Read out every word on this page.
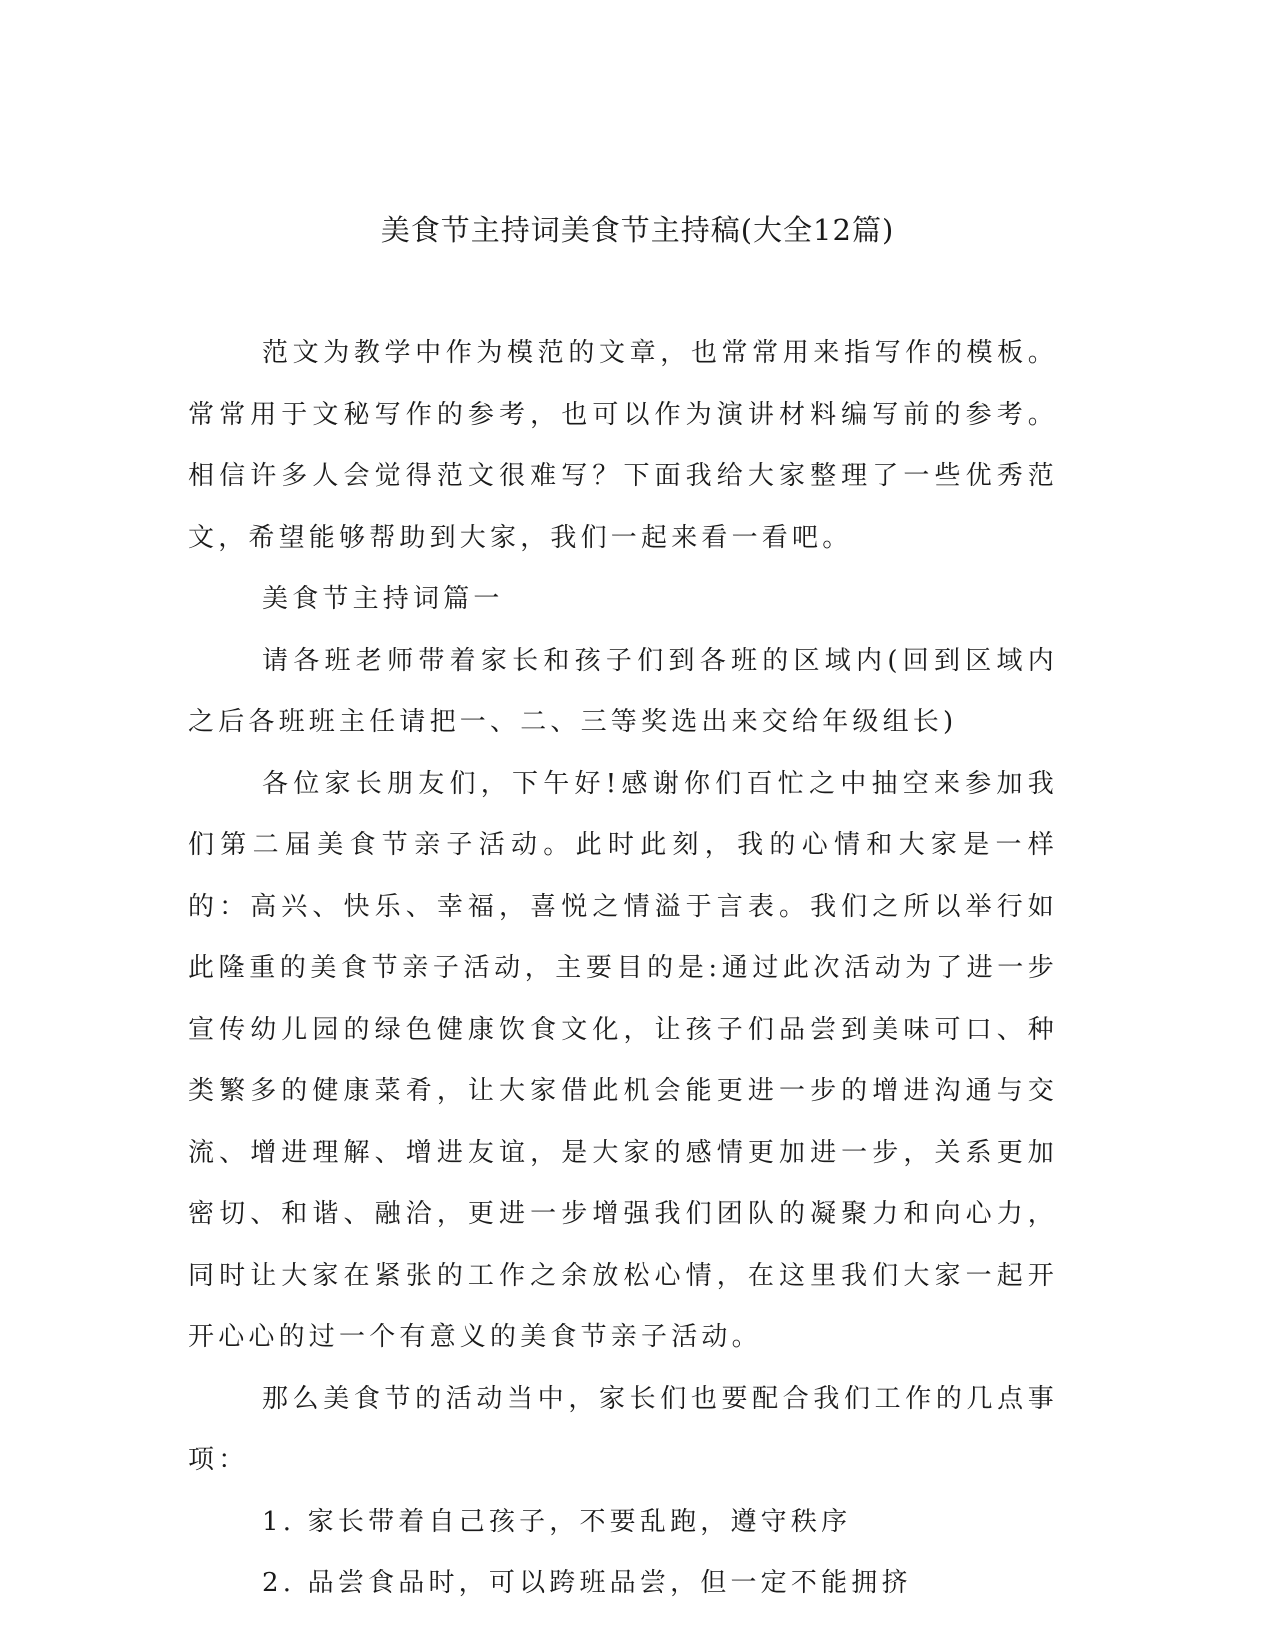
美食节主持词美食节主持稿(大全12篇)

范文为教学中作为模范的文章，也常常用来指写作的模板。常常用于文秘写作的参考，也可以作为演讲材料编写前的参考。相信许多人会觉得范文很难写？下面我给大家整理了一些优秀范文，希望能够帮助到大家，我们一起来看一看吧。

美食节主持词篇一

请各班老师带着家长和孩子们到各班的区域内(回到区域内之后各班班主任请把一、二、三等奖选出来交给年级组长)

各位家长朋友们，下午好!感谢你们百忙之中抽空来参加我们第二届美食节亲子活动。此时此刻，我的心情和大家是一样的：高兴、快乐、幸福，喜悦之情溢于言表。我们之所以举行如此隆重的美食节亲子活动，主要目的是:通过此次活动为了进一步宣传幼儿园的绿色健康饮食文化，让孩子们品尝到美味可口、种类繁多的健康菜肴，让大家借此机会能更进一步的增进沟通与交流、增进理解、增进友谊，是大家的感情更加进一步，关系更加密切、和谐、融洽，更进一步增强我们团队的凝聚力和向心力，同时让大家在紧张的工作之余放松心情，在这里我们大家一起开开心心的过一个有意义的美食节亲子活动。

那么美食节的活动当中，家长们也要配合我们工作的几点事项：

1. 家长带着自己孩子，不要乱跑，遵守秩序

2. 品尝食品时，可以跨班品尝，但一定不能拥挤
